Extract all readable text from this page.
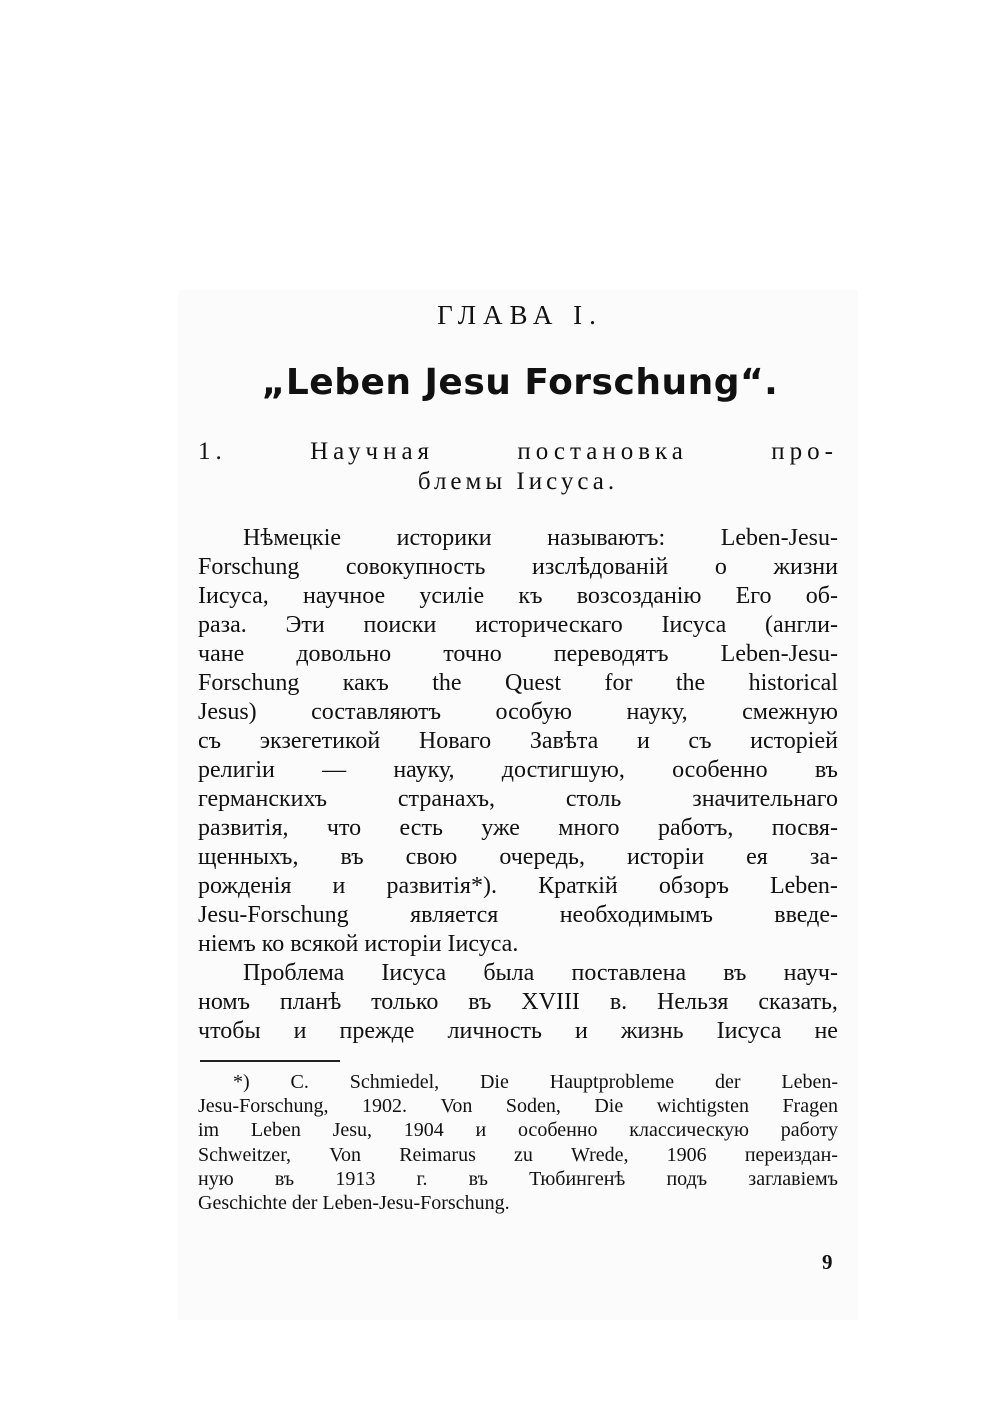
ГЛАВА I.
„Leben Jesu Forschung“.
1.	Научная	постановка	про-
блемы Iисуса.
Нѣмецкіе историки называютъ: Leben-Jesu-
Forschung совокупность изслѣдованій о жизни
Iисуса, научное усиліе къ возсозданію Его об-
раза. Эти поиски историческаго Iисуса (англи-
чане довольно точно переводятъ Leben-Jesu-
Forschung какъ the Quest for the historical
Jesus) составляютъ особую науку, смежную
съ экзегетикой Новаго Завѣта и съ исторіей
религіи — науку, достигшую, особенно въ
германскихъ	странахъ,	столь	значительнаго
развитія, что есть уже много работъ, посвя-
щенныхъ, въ свою очередь, исторіи ея за-
рожденія и развитія*). Краткій обзоръ Leben-
Jesu-Forschung	является	необходимымъ	введе-
ніемъ ко всякой исторіи Iисуса.
Проблема Iисуса была поставлена въ науч-
номъ планѣ только въ XVIII в. Нельзя сказать,
чтобы и прежде личность и жизнь Iисуса не
*) C. Schmiedel, Die Hauptprobleme der Leben-
Jesu-Forschung, 1902. Von Soden, Die wichtigsten Fragen
im Leben Jesu, 1904 и особенно классическую работу
Schweitzer, Von Reimarus zu Wrede, 1906 переиздан-
ную въ 1913 г. въ Тюбингенѣ подъ заглавіемъ
Geschichte der Leben-Jesu-Forschung.
9
